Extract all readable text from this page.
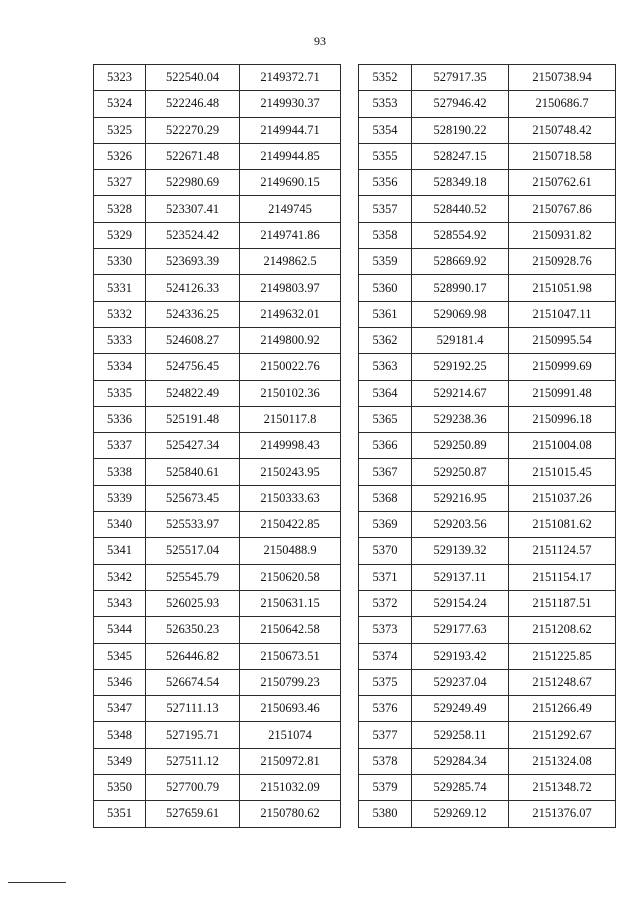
93
5323	522540.04	2149372.71
5324	522246.48	2149930.37
5325	522270.29	2149944.71
5326	522671.48	2149944.85
5327	522980.69	2149690.15
5328	523307.41	2149745
5329	523524.42	2149741.86
5330	523693.39	2149862.5
5331	524126.33	2149803.97
5332	524336.25	2149632.01
5333	524608.27	2149800.92
5334	524756.45	2150022.76
5335	524822.49	2150102.36
5336	525191.48	2150117.8
5337	525427.34	2149998.43
5338	525840.61	2150243.95
5339	525673.45	2150333.63
5340	525533.97	2150422.85
5341	525517.04	2150488.9
5342	525545.79	2150620.58
5343	526025.93	2150631.15
5344	526350.23	2150642.58
5345	526446.82	2150673.51
5346	526674.54	2150799.23
5347	527111.13	2150693.46
5348	527195.71	2151074
5349	527511.12	2150972.81
5350	527700.79	2151032.09
5351	527659.61	2150780.62
5352	527917.35	2150738.94
5353	527946.42	2150686.7
5354	528190.22	2150748.42
5355	528247.15	2150718.58
5356	528349.18	2150762.61
5357	528440.52	2150767.86
5358	528554.92	2150931.82
5359	528669.92	2150928.76
5360	528990.17	2151051.98
5361	529069.98	2151047.11
5362	529181.4	2150995.54
5363	529192.25	2150999.69
5364	529214.67	2150991.48
5365	529238.36	2150996.18
5366	529250.89	2151004.08
5367	529250.87	2151015.45
5368	529216.95	2151037.26
5369	529203.56	2151081.62
5370	529139.32	2151124.57
5371	529137.11	2151154.17
5372	529154.24	2151187.51
5373	529177.63	2151208.62
5374	529193.42	2151225.85
5375	529237.04	2151248.67
5376	529249.49	2151266.49
5377	529258.11	2151292.67
5378	529284.34	2151324.08
5379	529285.74	2151348.72
5380	529269.12	2151376.07
